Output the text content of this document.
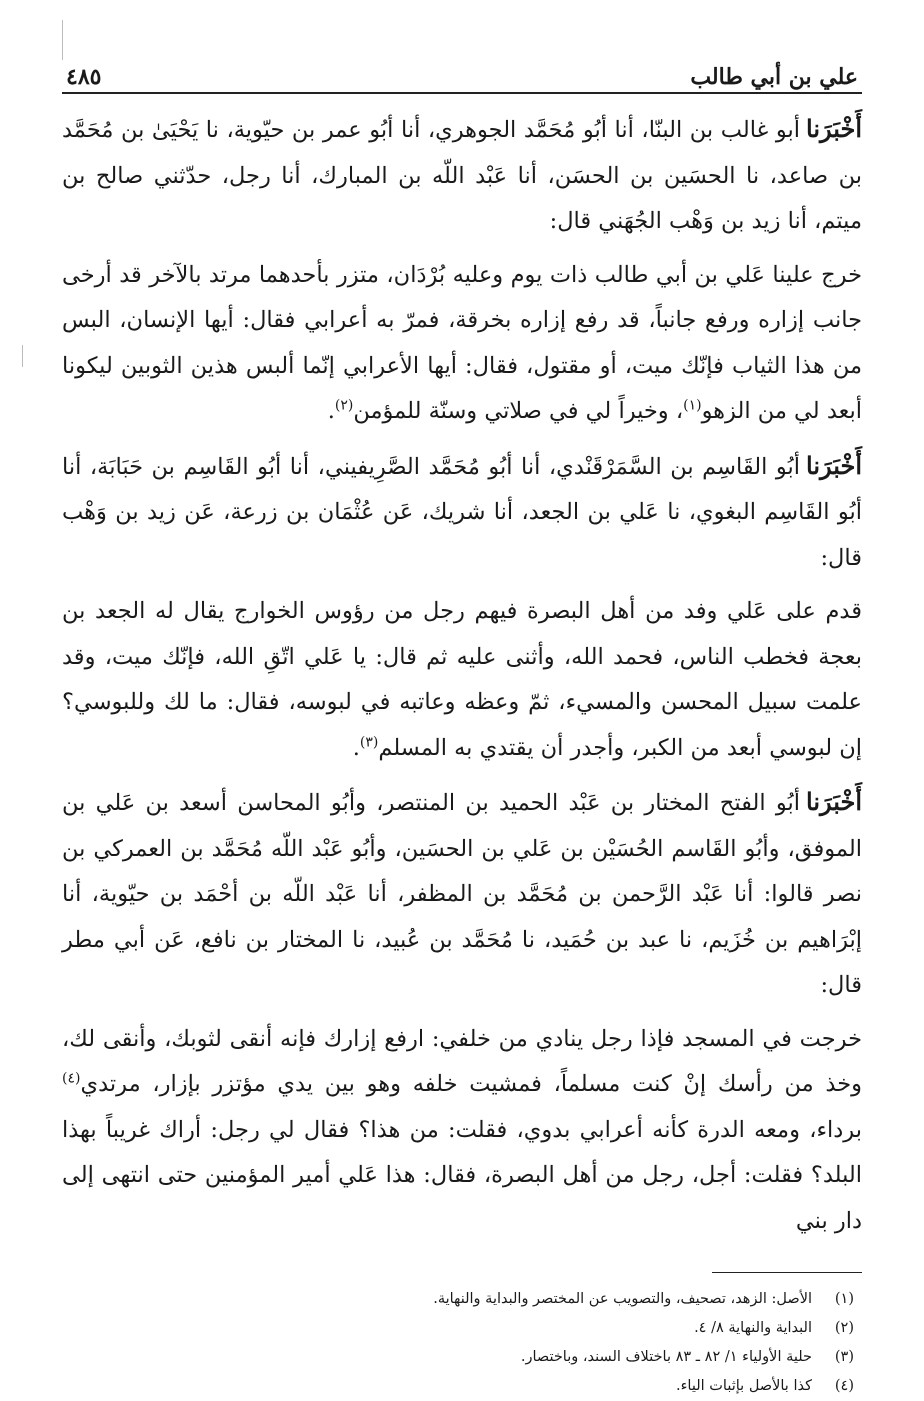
علي بن أبي طالب
٤٨٥

أَخْبَرَناأبو غالب بن البنّا، أنا أبُو مُحَمَّد الجوهري، أنا أبُو عمر بن حيّوية، نا يَحْيَىٰ بن مُحَمَّد بن صاعد، نا الحسَين بن الحسَن، أنا عَبْد اللّه بن المبارك، أنا رجل، حدّثني صالح بن ميتم، أنا زيد بن وَهْب الجُهَني قال:

خرج علينا عَلي بن أبي طالب ذات يوم وعليه بُرْدَان، متزر بأحدهما مرتد بالآخر قد أرخى جانب إزاره ورفع جانباً، قد رفع إزاره بخرقة، فمرّ به أعرابي فقال: أيها الإنسان، البس من هذا الثياب فإنّك ميت، أو مقتول، فقال: أيها الأعرابي إنّما ألبس هذين الثوبين ليكونا أبعد لي من الزهو$^{(١)}$، وخيراً لي في صلاتي وسنّة للمؤمن$^{(٢)}$.

أَخْبَرَناأبُو القَاسِم بن السَّمَرْقَنْدي، أنا أبُو مُحَمَّد الصَّرِيفيني، أنا أبُو القَاسِم بن حَبَابَة، أنا أبُو القَاسِم البغوي، نا عَلي بن الجعد، أنا شريك، عَن عُثْمَان بن زرعة، عَن زيد بن وَهْب قال:

قدم على عَلي وفد من أهل البصرة فيهم رجل من رؤوس الخوارج يقال له الجعد بن بعجة فخطب الناس، فحمد الله، وأثنى عليه ثم قال: يا عَلي اتّقِ الله، فإنّك ميت، وقد علمت سبيل المحسن والمسيء، ثمّ وعظه وعاتبه في لبوسه، فقال: ما لك وللبوسي؟ إن لبوسي أبعد من الكبر، وأجدر أن يقتدي به المسلم$^{(٣)}$.

أَخْبَرَناأبُو الفتح المختار بن عَبْد الحميد بن المنتصر، وأبُو المحاسن أسعد بن عَلي بن الموفق، وأبُو القَاسم الحُسَيْن بن عَلي بن الحسَين، وأبُو عَبْد اللّه مُحَمَّد بن العمركي بن نصر قالوا: أنا عَبْد الرَّحمن بن مُحَمَّد بن المظفر، أنا عَبْد اللّه بن أحْمَد بن حيّوية، أنا إبْرَاهيم بن خُزَيم، نا عبد بن حُمَيد، نا مُحَمَّد بن عُبيد، نا المختار بن نافع، عَن أبي مطر قال:

خرجت في المسجد فإذا رجل ينادي من خلفي: ارفع إزارك فإنه أنقى لثوبك، وأنقى لك، وخذ من رأسك إنْ كنت مسلماً، فمشيت خلفه وهو بين يدي مؤتزر بإزار، مرتدي$^{(٤)}$ برداء، ومعه الدرة كأنه أعرابي بدوي، فقلت: من هذا؟ فقال لي رجل: أراك غريباً بهذا البلد؟ فقلت: أجل، رجل من أهل البصرة، فقال: هذا عَلي أمير المؤمنين حتى انتهى إلى دار بني

(١)
الأصل: الزهد، تصحيف، والتصويب عن المختصر والبداية والنهاية.
(٢)
البداية والنهاية ٨/ ٤.
(٣)
حلية الأولياء ١/ ٨٢ ـ ٨٣ باختلاف السند، وباختصار.
(٤)
كذا بالأصل بإثبات الياء.
